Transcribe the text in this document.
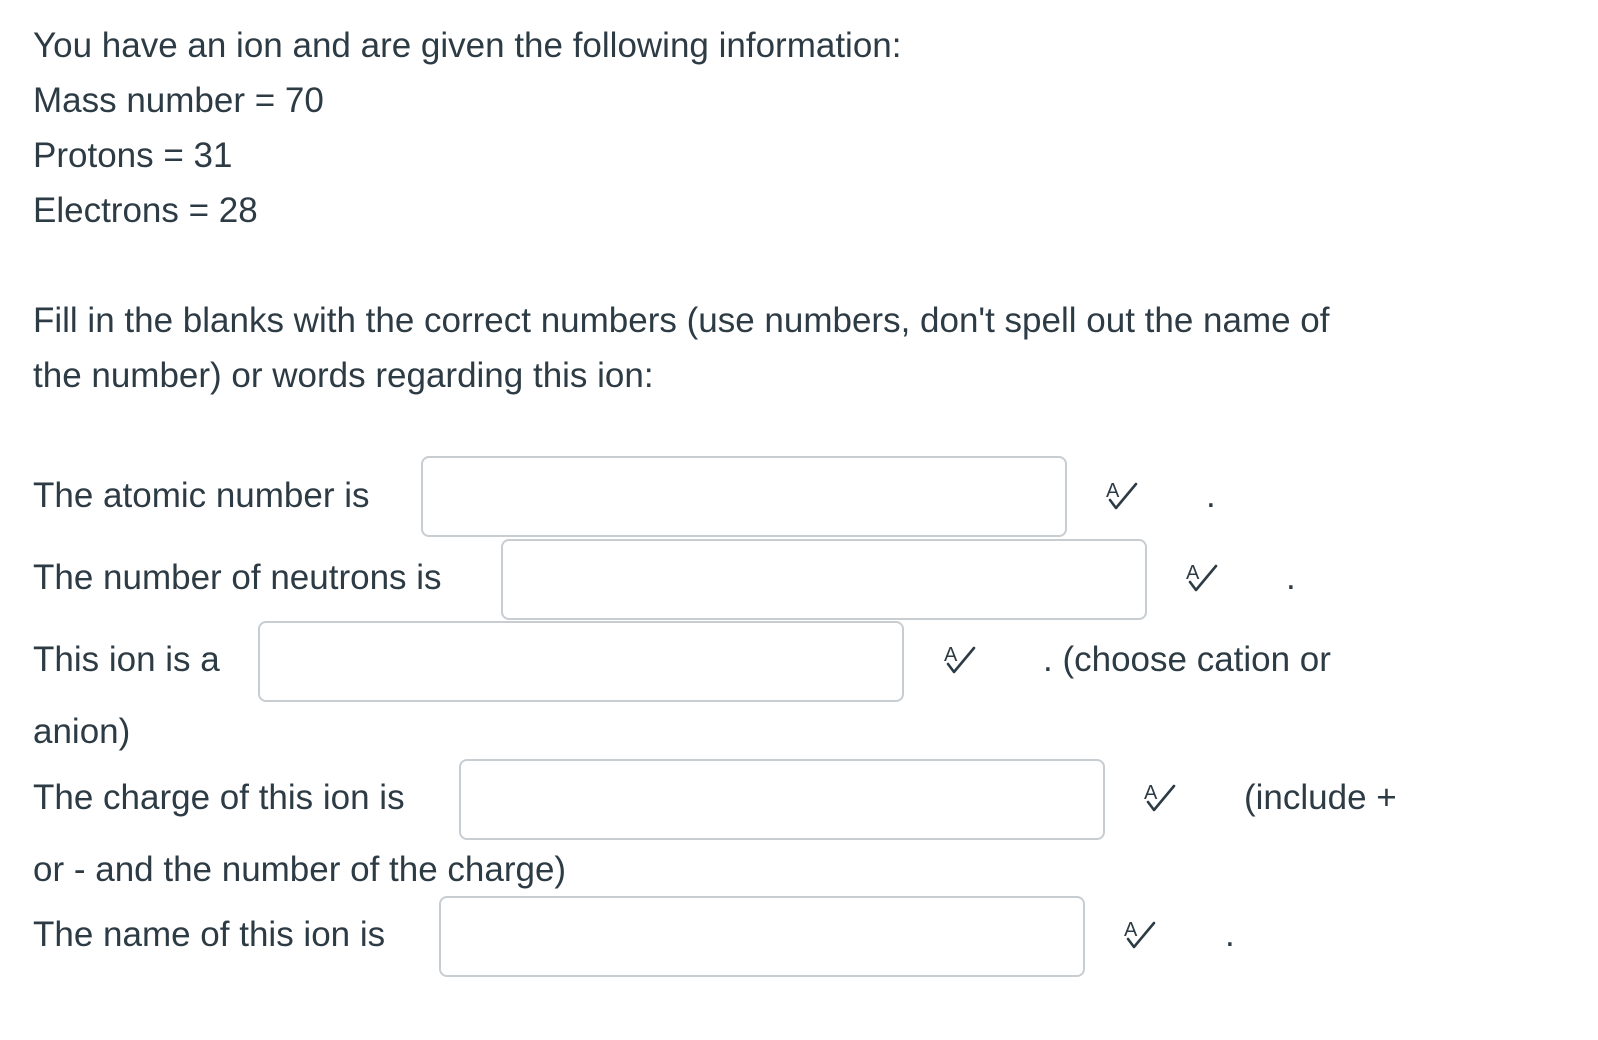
You have an ion and are given the following information:
Mass number = 70
Protons = 31
Electrons = 28
Fill in the blanks with the correct numbers (use numbers, don't spell out the name of
the number) or words regarding this ion:
The atomic number is	A .
The number of neutrons is	A .
This ion is a	A . (choose cation or
anion)
The charge of this ion is	A (include +
or - and the number of the charge)
The name of this ion is	A	.
